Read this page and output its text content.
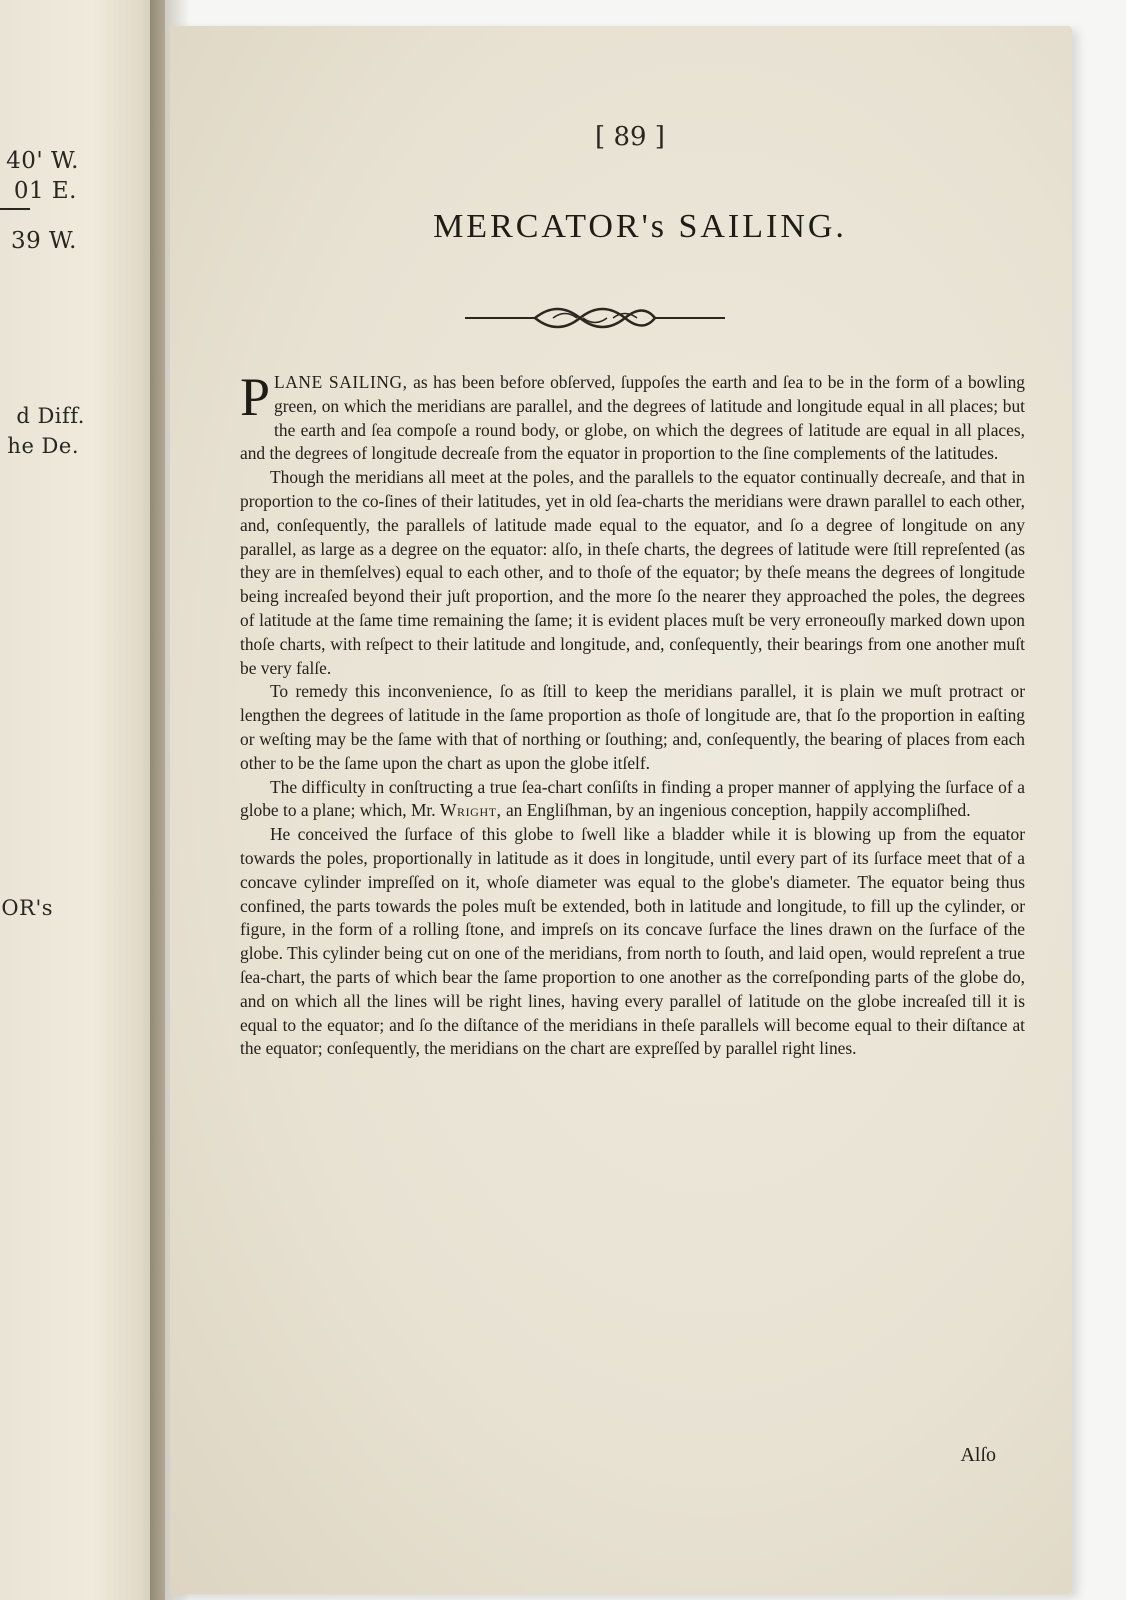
40' W.
01 E.
39 W.
d Diff.
he De.
OR's
[ 89 ]
MERCATOR's SAILING.

PLANE SAILING, as has been before obſerved, ſuppoſes the earth and ſea to be in the form of a bowling green, on which the meridians are parallel, and the degrees of latitude and longitude equal in all places; but the earth and ſea compoſe a round body, or globe, on which the degrees of latitude are equal in all places, and the degrees of longitude decreaſe from the equator in proportion to the ſine complements of the latitudes.

Though the meridians all meet at the poles, and the parallels to the equator continually decreaſe, and that in proportion to the co-ſines of their latitudes, yet in old ſea-charts the meridians were drawn parallel to each other, and, conſequently, the parallels of latitude made equal to the equator, and ſo a degree of longitude on any parallel, as large as a degree on the equator: alſo, in theſe charts, the degrees of latitude were ſtill repreſented (as they are in themſelves) equal to each other, and to thoſe of the equator; by theſe means the degrees of longitude being increaſed beyond their juſt proportion, and the more ſo the nearer they approached the poles, the degrees of latitude at the ſame time remaining the ſame; it is evident places muſt be very erroneouſly marked down upon thoſe charts, with reſpect to their latitude and longitude, and, conſequently, their bearings from one another muſt be very falſe.

To remedy this inconvenience, ſo as ſtill to keep the meridians parallel, it is plain we muſt protract or lengthen the degrees of latitude in the ſame proportion as thoſe of longitude are, that ſo the proportion in eaſting or weſting may be the ſame with that of northing or ſouthing; and, conſequently, the bearing of places from each other to be the ſame upon the chart as upon the globe itſelf.

The difficulty in conſtructing a true ſea-chart conſiſts in finding a proper manner of applying the ſurface of a globe to a plane; which, Mr. Wright, an Engliſhman, by an ingenious conception, happily accompliſhed.

He conceived the ſurface of this globe to ſwell like a bladder while it is blowing up from the equator towards the poles, proportionally in latitude as it does in longitude, until every part of its ſurface meet that of a concave cylinder impreſſed on it, whoſe diameter was equal to the globe's diameter. The equator being thus confined, the parts towards the poles muſt be extended, both in latitude and longitude, to fill up the cylinder, or figure, in the form of a rolling ſtone, and impreſs on its concave ſurface the lines drawn on the ſurface of the globe. This cylinder being cut on one of the meridians, from north to ſouth, and laid open, would repreſent a true ſea-chart, the parts of which bear the ſame proportion to one another as the correſponding parts of the globe do, and on which all the lines will be right lines, having every parallel of latitude on the globe increaſed till it is equal to the equator; and ſo the diſtance of the meridians in theſe parallels will become equal to their diſtance at the equator; conſequently, the meridians on the chart are expreſſed by parallel right lines.

Alſo
